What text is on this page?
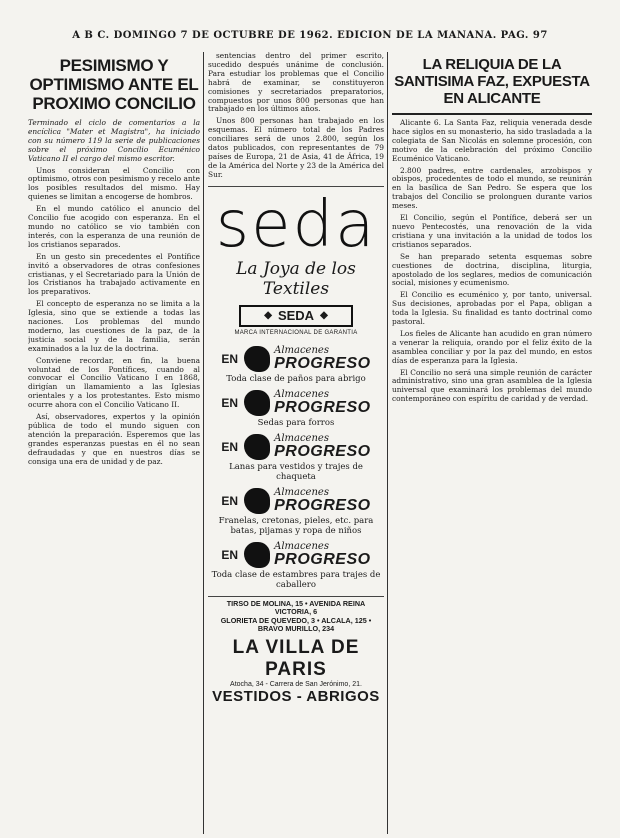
A B C. DOMINGO 7 DE OCTUBRE DE 1962. EDICION DE LA MAÑANA. PAG. 97
PESIMISMO Y OPTIMISMO ANTE EL PROXIMO CONCILIO

Terminado el ciclo de comentarios a la encíclica "Mater et Magistra", ha iniciado con su número 119 la serie de publicaciones sobre el próximo Concilio Ecuménico Vaticano II el cargo del mismo escritor.

Unos consideran el Concilio con optimismo, otros con pesimismo y recelo ante los posibles resultados del mismo. Hay quienes se limitan a encogerse de hombros.

En el mundo católico el anuncio del Concilio fue acogido con esperanza. En el mundo no católico se vio también con interés, con la esperanza de una reunión de los cristianos separados.

En un gesto sin precedentes el Pontífice invitó a observadores de otras confesiones cristianas, y el Secretariado para la Unión de los Cristianos ha trabajado activamente en los preparativos.

El concepto de esperanza no se limita a la Iglesia, sino que se extiende a todas las naciones. Los problemas del mundo moderno, las cuestiones de la paz, de la justicia social y de la familia, serán examinados a la luz de la doctrina.

Conviene recordar, en fin, la buena voluntad de los Pontífices, cuando al convocar el Concilio Vaticano I en 1868, dirigían un llamamiento a las Iglesias orientales y a los protestantes. Esto mismo ocurre ahora con el Concilio Vaticano II.

Así, observadores, expertos y la opinión pública de todo el mundo siguen con atención la preparación. Esperemos que las grandes esperanzas puestas en él no sean defraudadas y que en nuestros días se consiga una era de unidad y de paz.

sentencias dentro del primer escrito, sucedido después unánime de conclusión. Para estudiar los problemas que el Concilio habrá de examinar, se constituyeron comisiones y secretariados preparatorios, compuestos por unos 800 personas que han trabajado en los últimos años.

Unos 800 personas han trabajado en los esquemas. El número total de los Padres conciliares será de unos 2.800, según los datos publicados, con representantes de 79 países de Europa, 21 de Asia, 41 de África, 19 de la América del Norte y 23 de la América del Sur.

seda
La Joya de los Textiles
◆ SEDA ◆
MARCA INTERNACIONAL DE GARANTIA
EN
Almacenes
PROGRESO
Toda clase de paños para abrigo
EN
Almacenes
PROGRESO
Sedas para forros
EN
Almacenes
PROGRESO
Lanas para vestidos y trajes de chaqueta
EN
Almacenes
PROGRESO
Franelas, cretonas, pieles, etc. para batas, pijamas y ropa de niños
EN
Almacenes
PROGRESO
Toda clase de estambres para trajes de caballero
TIRSO DE MOLINA, 15 • AVENIDA REINA VICTORIA, 6
GLORIETA DE QUEVEDO, 3 • ALCALA, 125 • BRAVO MURILLO, 234
LA VILLA DE PARIS
Atocha, 34 - Carrera de San Jerónimo, 21.
VESTIDOS - ABRIGOS
LA RELIQUIA DE LA SANTISIMA FAZ, EXPUESTA EN ALICANTE

Alicante 6. La Santa Faz, reliquia venerada desde hace siglos en su monasterio, ha sido trasladada a la colegiata de San Nicolás en solemne procesión, con motivo de la celebración del próximo Concilio Ecuménico Vaticano.

2.800 padres, entre cardenales, arzobispos y obispos, procedentes de todo el mundo, se reunirán en la basílica de San Pedro. Se espera que los trabajos del Concilio se prolonguen durante varios meses.

El Concilio, según el Pontífice, deberá ser un nuevo Pentecostés, una renovación de la vida cristiana y una invitación a la unidad de todos los cristianos separados.

Se han preparado setenta esquemas sobre cuestiones de doctrina, disciplina, liturgia, apostolado de los seglares, medios de comunicación social, misiones y ecumenismo.

El Concilio es ecuménico y, por tanto, universal. Sus decisiones, aprobadas por el Papa, obligan a toda la Iglesia. Su finalidad es tanto doctrinal como pastoral.

Los fieles de Alicante han acudido en gran número a venerar la reliquia, orando por el feliz éxito de la asamblea conciliar y por la paz del mundo, en estos días de esperanza para la Iglesia.

El Concilio no será una simple reunión de carácter administrativo, sino una gran asamblea de la Iglesia universal que examinará los problemas del mundo contemporáneo con espíritu de caridad y de verdad.
